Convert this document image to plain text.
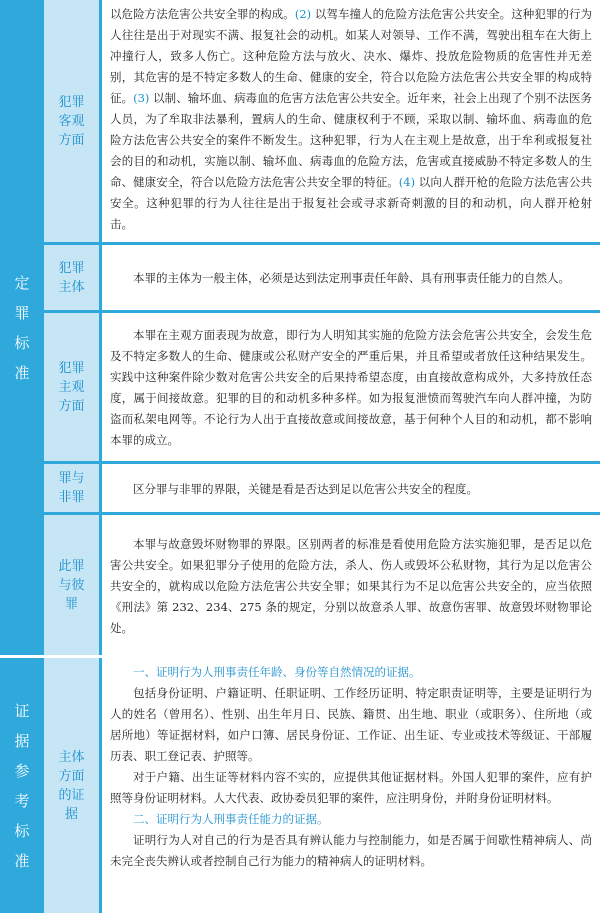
定罪标准
犯罪客观方面

以危险方法危害公共安全罪的构成。(2) 以驾车撞人的危险方法危害公共安全。这种犯罪的行为人往往是出于对现实不满、报复社会的动机。如某人对领导、工作不满，驾驶出租车在大街上冲撞行人，致多人伤亡。这种危险方法与放火、决水、爆炸、投放危险物质的危害性并无差别，其危害的是不特定多数人的生命、健康的安全，符合以危险方法危害公共安全罪的构成特征。(3) 以制、输坏血、病毒血的危害方法危害公共安全。近年来，社会上出现了个别不法医务人员，为了牟取非法暴利，置病人的生命、健康权利于不顾，采取以制、输坏血、病毒血的危险方法危害公共安全的案件不断发生。这种犯罪，行为人在主观上是故意，出于牟利或报复社会的目的和动机，实施以制、输坏血、病毒血的危险方法，危害或直接威胁不特定多数人的生命、健康安全，符合以危险方法危害公共安全罪的特征。(4) 以向人群开枪的危险方法危害公共安全。这种犯罪的行为人往往是出于报复社会或寻求新奇刺激的目的和动机，向人群开枪射击。

犯罪主体

本罪的主体为一般主体，必须是达到法定刑事责任年龄、具有刑事责任能力的自然人。

犯罪主观方面

本罪在主观方面表现为故意，即行为人明知其实施的危险方法会危害公共安全，会发生危及不特定多数人的生命、健康或公私财产安全的严重后果，并且希望或者放任这种结果发生。实践中这种案件除少数对危害公共安全的后果持希望态度，由直接故意构成外，大多持放任态度，属于间接故意。犯罪的目的和动机多种多样。如为报复泄愤而驾驶汽车向人群冲撞，为防盗而私架电网等。不论行为人出于直接故意或间接故意，基于何种个人目的和动机，都不影响本罪的成立。

罪与非罪

区分罪与非罪的界限，关键是看是否达到足以危害公共安全的程度。

此罪与彼罪

本罪与故意毁坏财物罪的界限。区别两者的标准是看使用危险方法实施犯罪，是否足以危害公共安全。如果犯罪分子使用的危险方法，杀人、伤人或毁坏公私财物，其行为足以危害公共安全的，就构成以危险方法危害公共安全罪；如果其行为不足以危害公共安全的，应当依照《刑法》第 232、234、275 条的规定，分别以故意杀人罪、故意伤害罪、故意毁坏财物罪论处。

证据参考标准
主体方面的证据

一、证明行为人刑事责任年龄、身份等自然情况的证据。

包括身份证明、户籍证明、任职证明、工作经历证明、特定职责证明等，主要是证明行为人的姓名（曾用名）、性别、出生年月日、民族、籍贯、出生地、职业（或职务）、住所地（或居所地）等证据材料，如户口簿、居民身份证、工作证、出生证、专业或技术等级证、干部履历表、职工登记表、护照等。

对于户籍、出生证等材料内容不实的，应提供其他证据材料。外国人犯罪的案件，应有护照等身份证明材料。人大代表、政协委员犯罪的案件，应注明身份，并附身份证明材料。

二、证明行为人刑事责任能力的证据。

证明行为人对自己的行为是否具有辨认能力与控制能力，如是否属于间歇性精神病人、尚未完全丧失辨认或者控制自己行为能力的精神病人的证明材料。
